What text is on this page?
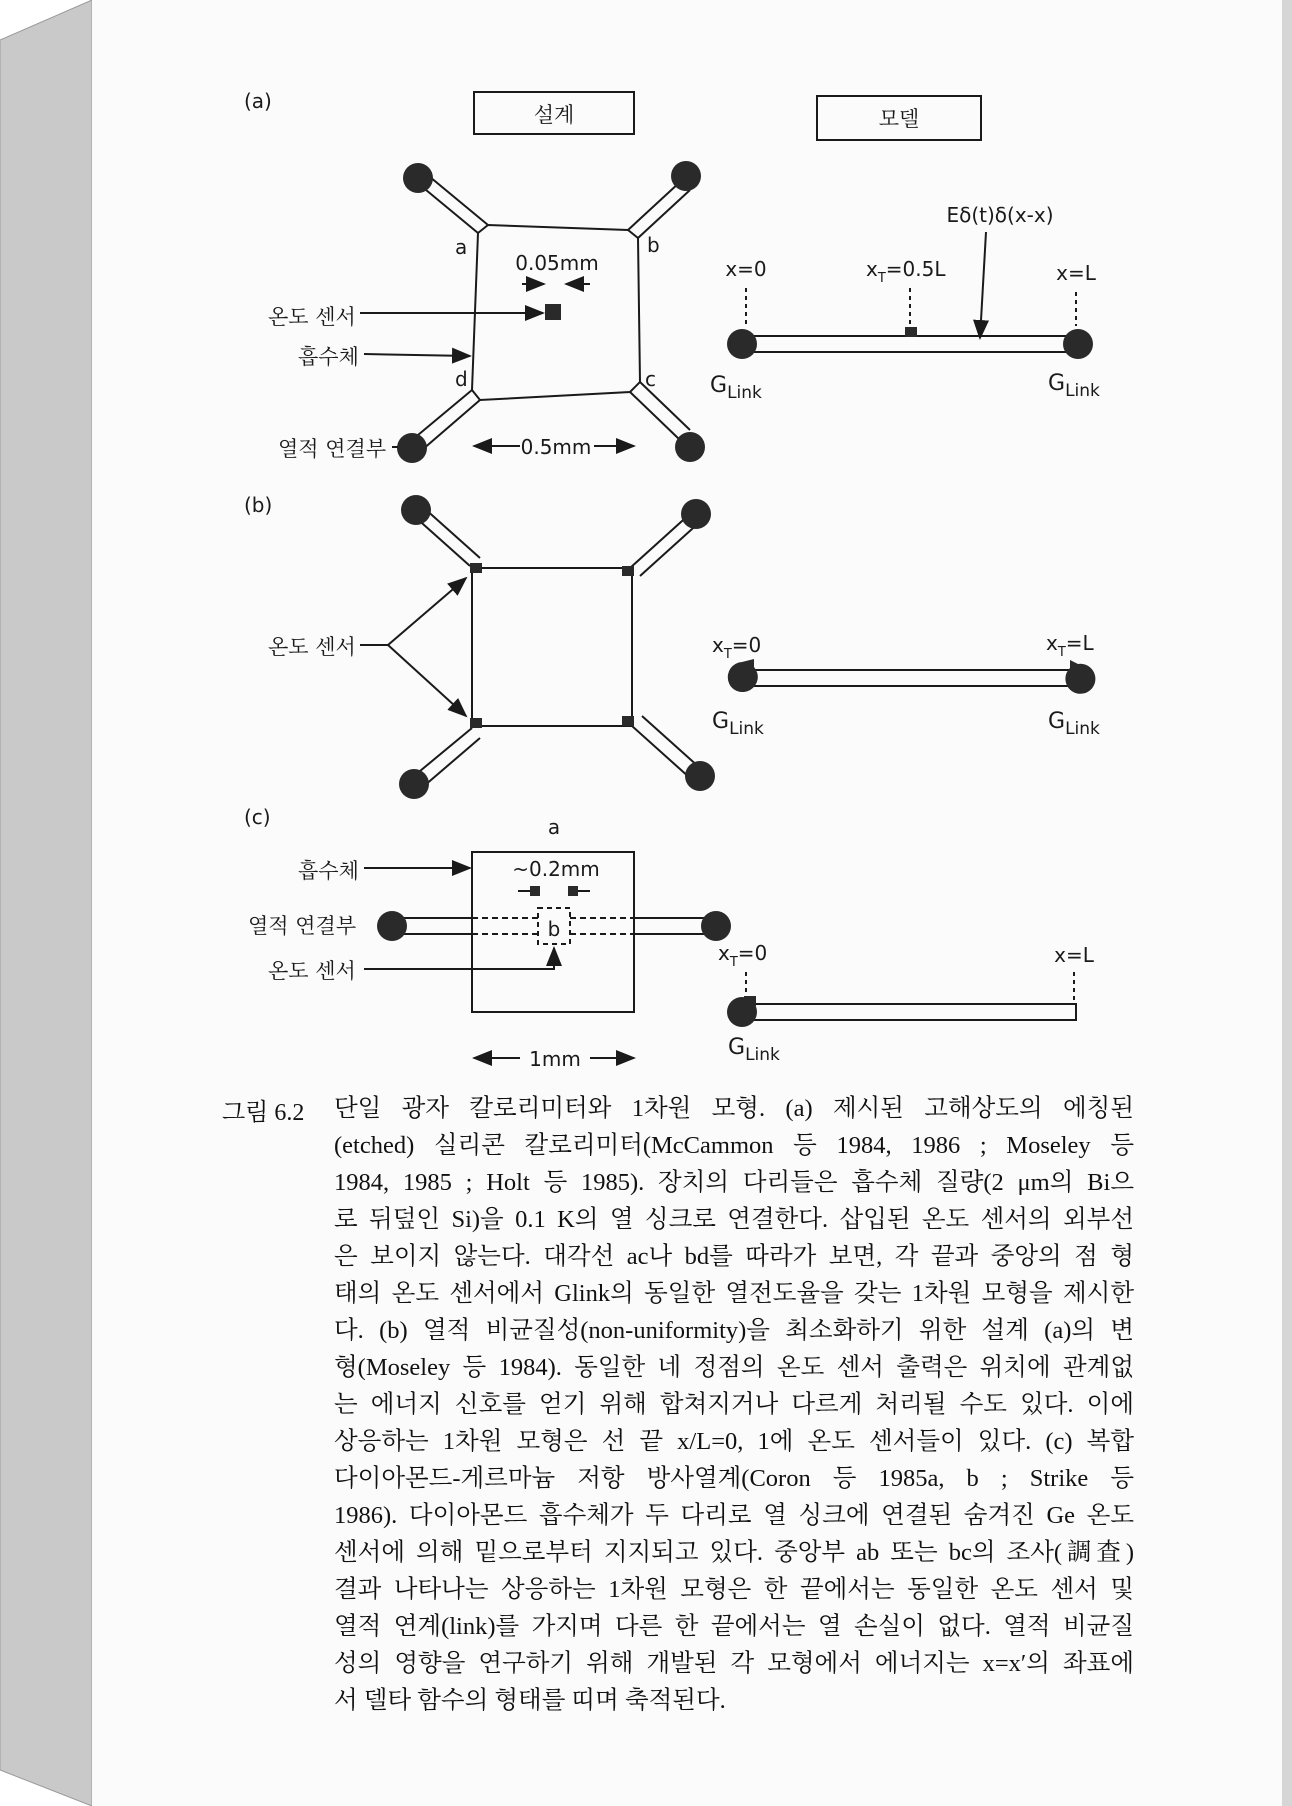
(a)
설계	모델
a	b
c
d
0.05mm
온도 센서
흡수체
열적 연결부	0.5mm
Eδ(t)δ(x-x)
x=0	$x_T=0.5L$	x=L
$G_{Link}$	$G_{Link}$
(b)
온도 센서	$x_T=0$	$x_T=L$
$G_{Link}$	$G_{Link}$
(c)	a
~0.2mm
b
흡수체
열적 연결부
온도 센서
1mm
$x_T=0$	x=L
$G_{Link}$
그림 6.2 단일 광자 칼로리미터와 1차원 모형. (a) 제시된 고해상도의 에칭된
(etched) 실리콘 칼로리미터(McCammon 등 1984, 1986 ; Moseley 등
1984, 1985 ; Holt 등 1985). 장치의 다리들은 흡수체 질량(2 μm의 Bi으
로 뒤덮인 Si)을 0.1 K의 열 싱크로 연결한다. 삽입된 온도 센서의 외부선
은 보이지 않는다. 대각선 ac나 bd를 따라가 보면, 각 끝과 중앙의 점 형
태의 온도 센서에서 Glink의 동일한 열전도율을 갖는 1차원 모형을 제시한
다. (b) 열적 비균질성(non-uniformity)을 최소화하기 위한 설계 (a)의 변
형(Moseley 등 1984). 동일한 네 정점의 온도 센서 출력은 위치에 관계없
는 에너지 신호를 얻기 위해 합쳐지거나 다르게 처리될 수도 있다. 이에
상응하는 1차원 모형은 선 끝 x/L=0, 1에 온도 센서들이 있다. (c) 복합
다이아몬드-게르마늄 저항 방사열계(Coron 등 1985a, b ; Strike 등
1986). 다이아몬드 흡수체가 두 다리로 열 싱크에 연결된 숨겨진 Ge 온도
센서에 의해 밑으로부터 지지되고 있다. 중앙부 ab 또는 bc의 조사(調査)
결과 나타나는 상응하는 1차원 모형은 한 끝에서는 동일한 온도 센서 및
열적 연계(link)를 가지며 다른 한 끝에서는 열 손실이 없다. 열적 비균질
성의 영향을 연구하기 위해 개발된 각 모형에서 에너지는 x=x′의 좌표에
서 델타 함수의 형태를 띠며 축적된다.
